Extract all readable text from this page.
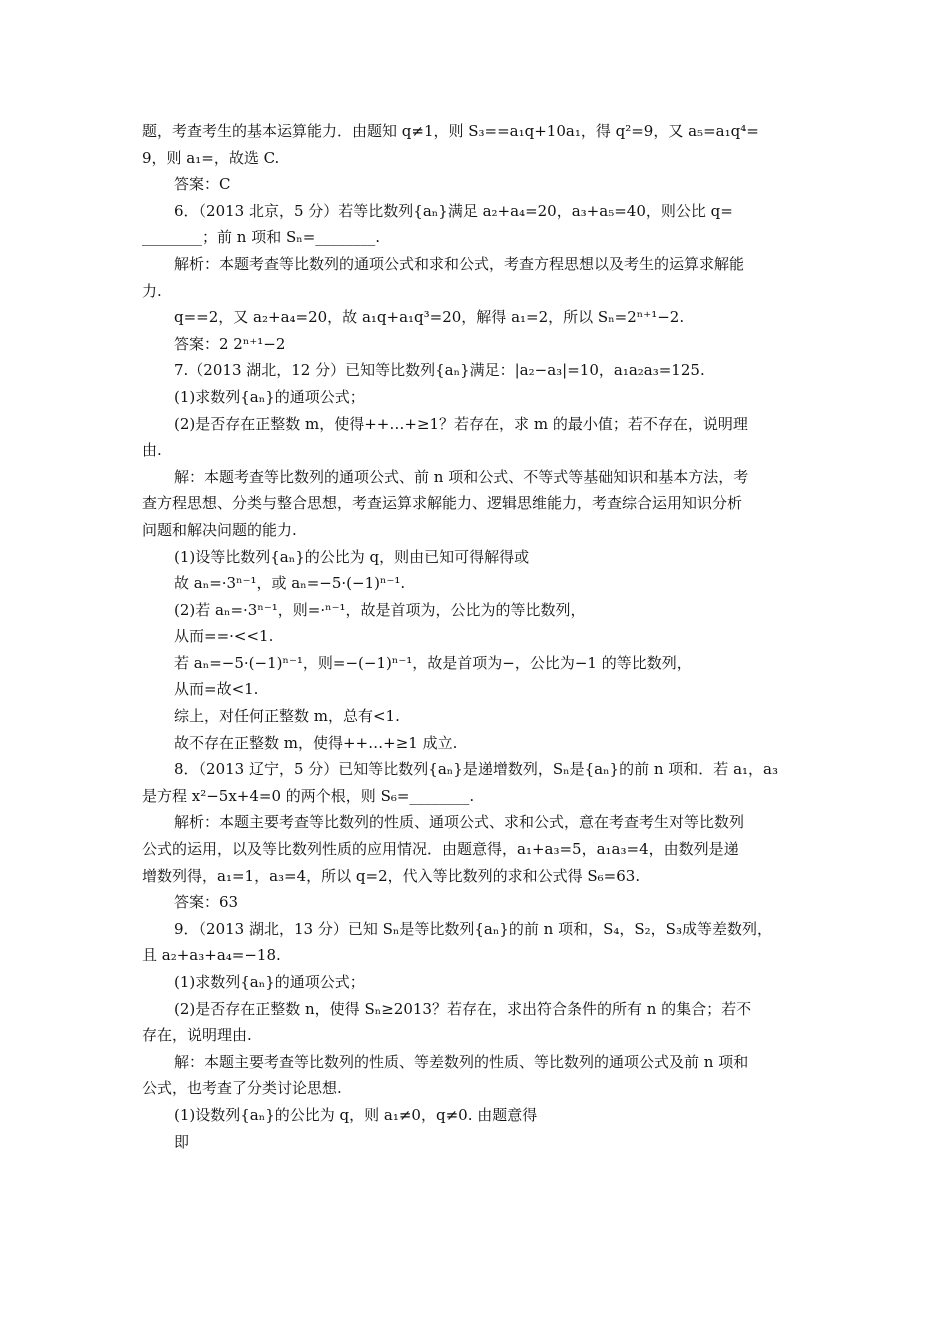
题，考查考生的基本运算能力．由题知 q≠1，则 S₃==a₁q+10a₁，得 q²=9，又 a₅=a₁q⁴=
9，则 a₁=，故选 C.
答案：C
6．（2013 北京，5 分）若等比数列{aₙ}满足 a₂+a₄=20，a₃+a₅=40，则公比 q=
________；前 n 项和 Sₙ=________.
解析：本题考查等比数列的通项公式和求和公式，考查方程思想以及考生的运算求解能
力.
q==2，又 a₂+a₄=20，故 a₁q+a₁q³=20，解得 a₁=2，所以 Sₙ=2ⁿ⁺¹−2.
答案：2 2ⁿ⁺¹−2
7.（2013 湖北，12 分）已知等比数列{aₙ}满足：|a₂−a₃|=10，a₁a₂a₃=125.
(1)求数列{aₙ}的通项公式；
(2)是否存在正整数 m，使得++…+≥1？若存在，求 m 的最小值；若不存在，说明理
由.
解：本题考查等比数列的通项公式、前 n 项和公式、不等式等基础知识和基本方法，考
查方程思想、分类与整合思想，考查运算求解能力、逻辑思维能力，考查综合运用知识分析
问题和解决问题的能力.
(1)设等比数列{aₙ}的公比为 q，则由已知可得解得或
故 aₙ=·3ⁿ⁻¹，或 aₙ=−5·(−1)ⁿ⁻¹.
(2)若 aₙ=·3ⁿ⁻¹，则=·ⁿ⁻¹，故是首项为，公比为的等比数列，
从而==·<<1.
若 aₙ=−5·(−1)ⁿ⁻¹，则=−(−1)ⁿ⁻¹，故是首项为−，公比为−1 的等比数列，
从而=故<1.
综上，对任何正整数 m，总有<1.
故不存在正整数 m，使得++…+≥1 成立.
8．（2013 辽宁，5 分）已知等比数列{aₙ}是递增数列，Sₙ是{aₙ}的前 n 项和．若 a₁，a₃
是方程 x²−5x+4=0 的两个根，则 S₆=________.
解析：本题主要考查等比数列的性质、通项公式、求和公式，意在考查考生对等比数列
公式的运用，以及等比数列性质的应用情况．由题意得，a₁+a₃=5，a₁a₃=4，由数列是递
增数列得，a₁=1，a₃=4，所以 q=2，代入等比数列的求和公式得 S₆=63.
答案：63
9．（2013 湖北，13 分）已知 Sₙ是等比数列{aₙ}的前 n 项和，S₄，S₂，S₃成等差数列，
且 a₂+a₃+a₄=−18.
(1)求数列{aₙ}的通项公式；
(2)是否存在正整数 n，使得 Sₙ≥2013？若存在，求出符合条件的所有 n 的集合；若不
存在，说明理由.
解：本题主要考查等比数列的性质、等差数列的性质、等比数列的通项公式及前 n 项和
公式，也考查了分类讨论思想.
(1)设数列{aₙ}的公比为 q，则 a₁≠0，q≠0. 由题意得
即
